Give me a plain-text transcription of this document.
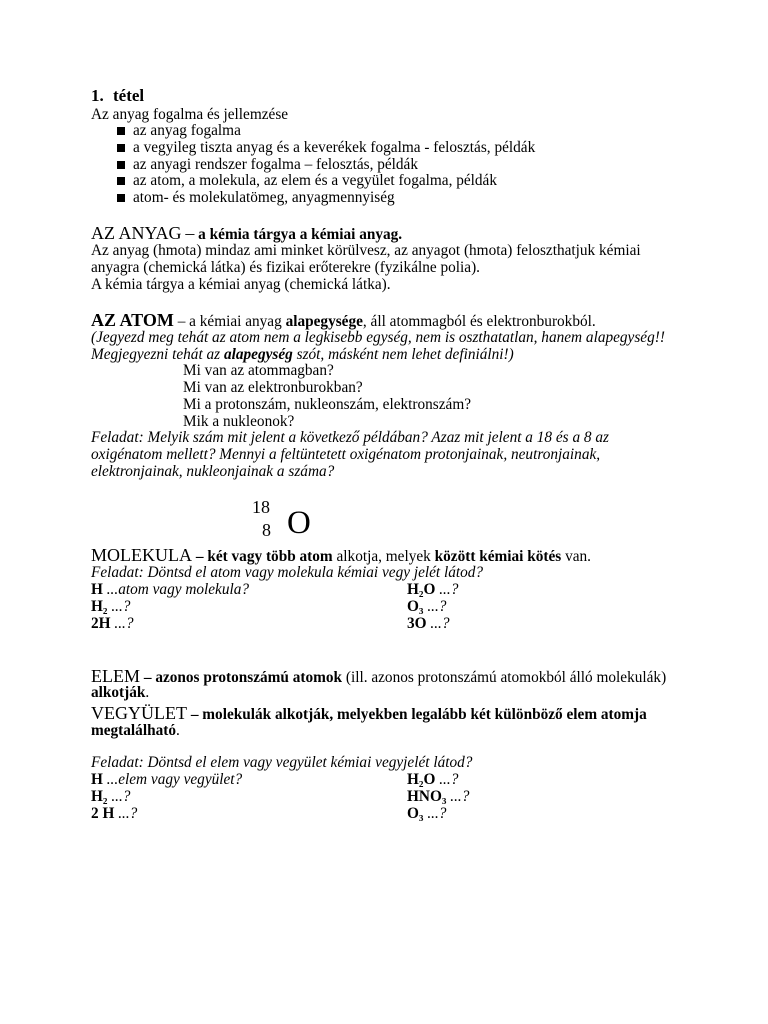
1. tétel
Az anyag fogalma és jellemzése
az anyag fogalma
a vegyileg tiszta anyag és a keverékek fogalma - felosztás, példák
az anyagi rendszer fogalma – felosztás, példák
az atom, a molekula, az elem és a vegyület fogalma, példák
atom- és molekulatömeg, anyagmennyiség
AZ ANYAG – a kémia tárgya a kémiai anyag.
Az anyag (hmota) mindaz ami minket körülvesz, az anyagot (hmota) feloszthatjuk kémiai
anyagra (chemická látka) és fizikai erőterekre (fyzikálne polia).
A kémia tárgya a kémiai anyag (chemická látka).
AZ ATOM – a kémiai anyag alapegysége, áll atommagból és elektronburokból.
(Jegyezd meg tehát az atom nem a legkisebb egység, nem is oszthatatlan, hanem alapegység!!
Megjegyezni tehát az alapegység szót, másként nem lehet definiálni!)
Mi van az atommagban?
Mi van az elektronburokban?
Mi a protonszám, nukleonszám, elektronszám?
Mik a nukleonok?
Feladat: Melyik szám mit jelent a következő példában? Azaz mit jelent a 18 és a 8 az
oxigénatom mellett? Mennyi a feltüntetett oxigénatom protonjainak, neutronjainak,
elektronjainak, nukleonjainak a száma?
18
8 O
MOLEKULA – két vagy több atom alkotja, melyek között kémiai kötés van.
Feladat: Döntsd el atom vagy molekula kémiai vegy jelét látod?
H ...atom vagy molekula?	H₂O ...?
H₂ ...?	O₃ ...?
2H ...?	3O ...?
ELEM – azonos protonszámú atomok (ill. azonos protonszámú atomokból álló molekulák)
alkotják.
VEGYÜLET – molekulák alkotják, melyekben legalább két különböző elem atomja
megtalálható.
Feladat: Döntsd el elem vagy vegyület kémiai vegyjelét látod?
H ...elem vagy vegyület?	H₂O ...?
H₂ ...?	HNO₃ ...?
2 H ...?	O₃ ...?
